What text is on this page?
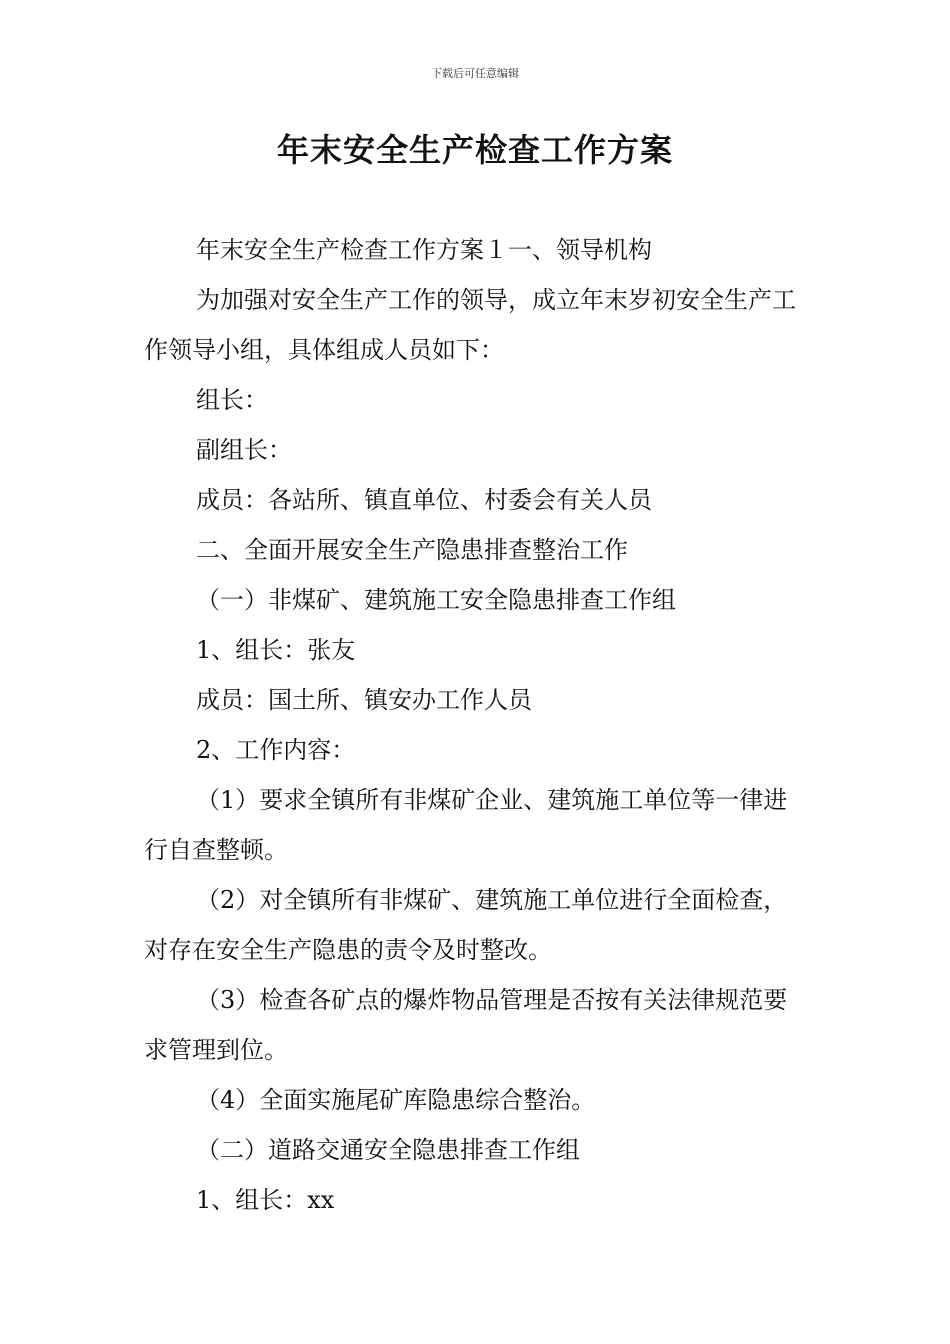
下载后可任意编辑
年末安全生产检查工作方案

年末安全生产检查工作方案１一、领导机构

为加强对安全生产工作的领导，成立年末岁初安全生产工作领导小组，具体组成人员如下：

组长：

副组长：

成员：各站所、镇直单位、村委会有关人员

二、全面开展安全生产隐患排查整治工作

（一）非煤矿、建筑施工安全隐患排查工作组

1、组长：张友

成员：国土所、镇安办工作人员

2、工作内容：

（1）要求全镇所有非煤矿企业、建筑施工单位等一律进行自查整顿。

（2）对全镇所有非煤矿、建筑施工单位进行全面检查，对存在安全生产隐患的责令及时整改。

（3）检查各矿点的爆炸物品管理是否按有关法律规范要求管理到位。

（4）全面实施尾矿库隐患综合整治。

（二）道路交通安全隐患排查工作组

1、组长：xx
